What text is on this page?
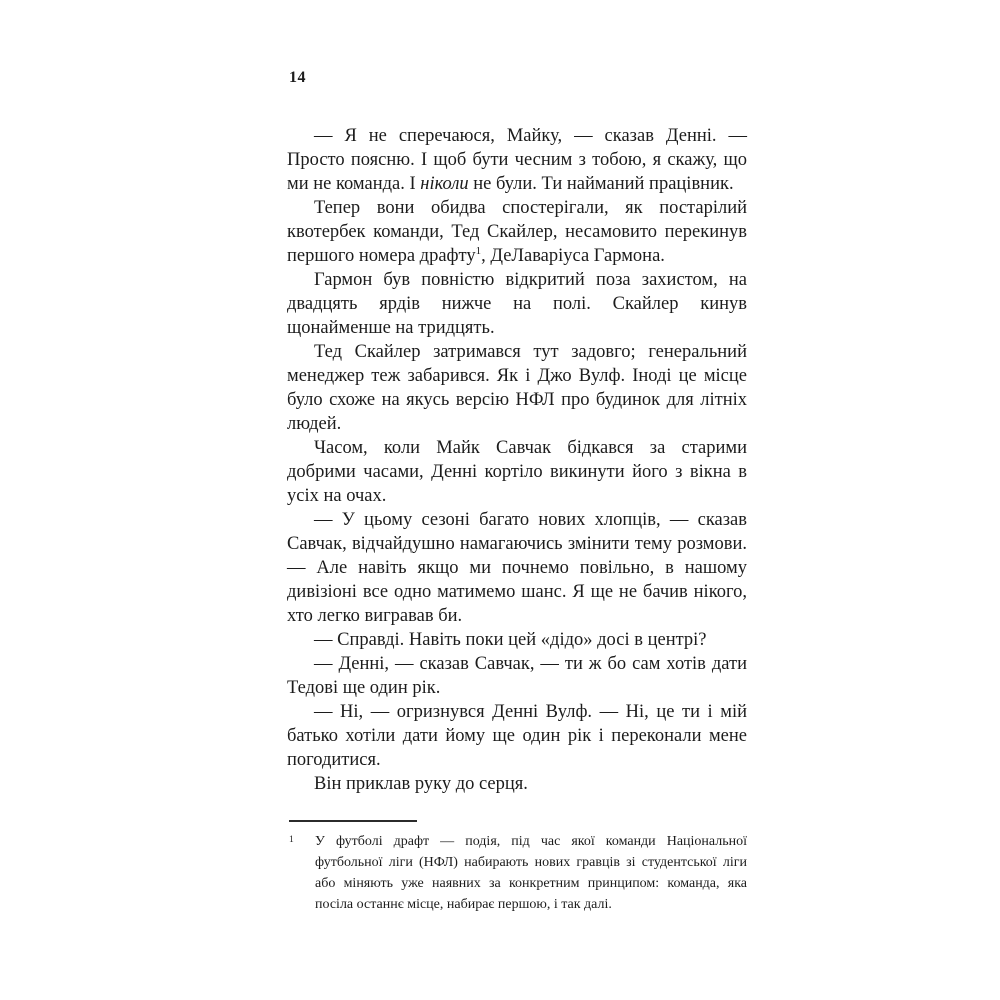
14

— Я не сперечаюся, Майку, — сказав Денні. — Просто поясню. І щоб бути чесним з тобою, я скажу, що ми не команда. І ніколи не були. Ти найманий працівник.

Тепер вони обидва спостерігали, як постарілий квотербек команди, Тед Скайлер, несамовито перекинув першого номера драфту$^1$, ДеЛаваріуса Гармона.

Гармон був повністю відкритий поза захистом, на двадцять ярдів нижче на полі. Скайлер кинув щонайменше на тридцять.

Тед Скайлер затримався тут задовго; генеральний менеджер теж забарився. Як і Джо Вулф. Іноді це місце було схоже на якусь версію НФЛ про будинок для літніх людей.

Часом, коли Майк Савчак бідкався за старими добрими часами, Денні кортіло викинути його з вікна в усіх на очах.

— У цьому сезоні багато нових хлопців, — сказав Савчак, відчайдушно намагаючись змінити тему розмови. — Але навіть якщо ми почнемо повільно, в нашому дивізіоні все одно матимемо шанс. Я ще не бачив нікого, хто легко вигравав би.

— Справді. Навіть поки цей «дідо» досі в центрі?

— Денні, — сказав Савчак, — ти ж бо сам хотів дати Тедові ще один рік.

— Ні, — огризнувся Денні Вулф. — Ні, це ти і мій батько хотіли дати йому ще один рік і переконали мене погодитися.

Він приклав руку до серця.

1	У футболі драфт — подія, під час якої команди Національної футбольної ліги (НФЛ) набирають нових гравців зі студентської ліги або міняють уже наявних за конкретним принципом: команда, яка посіла останнє місце, набирає першою, і так далі.
